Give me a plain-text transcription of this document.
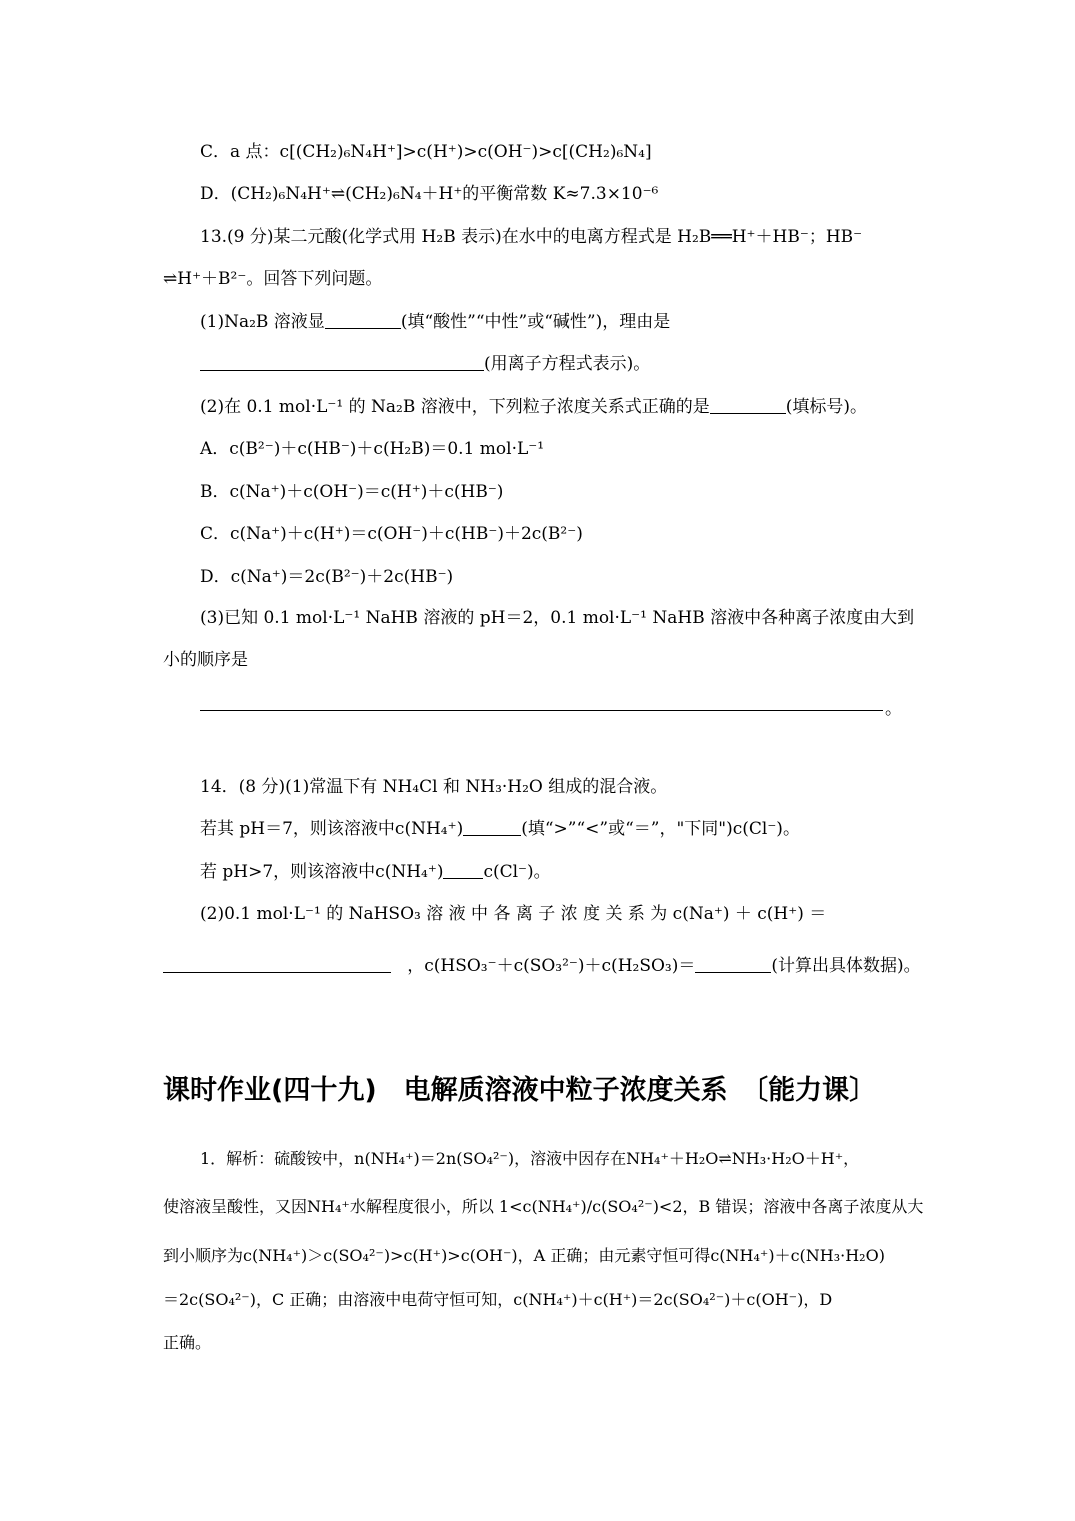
C．a 点：c[(CH₂)₆N₄H⁺]>c(H⁺)>c(OH⁻)>c[(CH₂)₆N₄]
D．(CH₂)₆N₄H⁺⇌(CH₂)₆N₄＋H⁺的平衡常数 K≈7.3×10⁻⁶
13.(9 分)某二元酸(化学式用 H₂B 表示)在水中的电离方程式是 H₂B══H⁺＋HB⁻；HB⁻
⇌H⁺＋B²⁻。回答下列问题。
(1)Na₂B 溶液显	(填“酸性”“中性”或“碱性”)，理由是
(用离子方程式表示)。
(2)在 0.1 mol·L⁻¹ 的 Na₂B 溶液中，下列粒子浓度关系式正确的是	(填标号)。
A．c(B²⁻)＋c(HB⁻)＋c(H₂B)＝0.1 mol·L⁻¹
B．c(Na⁺)＋c(OH⁻)＝c(H⁺)＋c(HB⁻)
C．c(Na⁺)＋c(H⁺)＝c(OH⁻)＋c(HB⁻)＋2c(B²⁻)
D．c(Na⁺)＝2c(B²⁻)＋2c(HB⁻)
(3)已知 0.1 mol·L⁻¹ NaHB 溶液的 pH＝2，0.1 mol·L⁻¹ NaHB 溶液中各种离子浓度由大到
小的顺序是
。
14．(8 分)(1)常温下有 NH₄Cl 和 NH₃·H₂O 组成的混合液。
若其 pH＝7，则该溶液中c(NH₄⁺)	(填“>”“<”或“＝”，"下同")c(Cl⁻)。
若 pH>7，则该溶液中c(NH₄⁺) c(Cl⁻)。
(2)0.1 mol·L⁻¹ 的 NaHSO₃ 溶 液 中 各 离 子 浓 度 关 系 为 c(Na⁺) ＋ c(H⁺) ＝
，c(HSO₃⁻＋c(SO₃²⁻)＋c(H₂SO₃)＝	(计算出具体数据)。
课时作业(四十九)　电解质溶液中粒子浓度关系　〔能力课〕
1．解析：硫酸铵中，n(NH₄⁺)＝2n(SO₄²⁻)，溶液中因存在NH₄⁺＋H₂O⇌NH₃·H₂O＋H⁺，
使溶液呈酸性，又因NH₄⁺水解程度很小，所以 1<c(NH₄⁺)/c(SO₄²⁻)<2，B 错误；溶液中各离子浓度从大
到小顺序为c(NH₄⁺)＞c(SO₄²⁻)>c(H⁺)>c(OH⁻)，A 正确；由元素守恒可得c(NH₄⁺)＋c(NH₃·H₂O)
＝2c(SO₄²⁻)，C 正确；由溶液中电荷守恒可知，c(NH₄⁺)＋c(H⁺)＝2c(SO₄²⁻)＋c(OH⁻)，D
正确。
